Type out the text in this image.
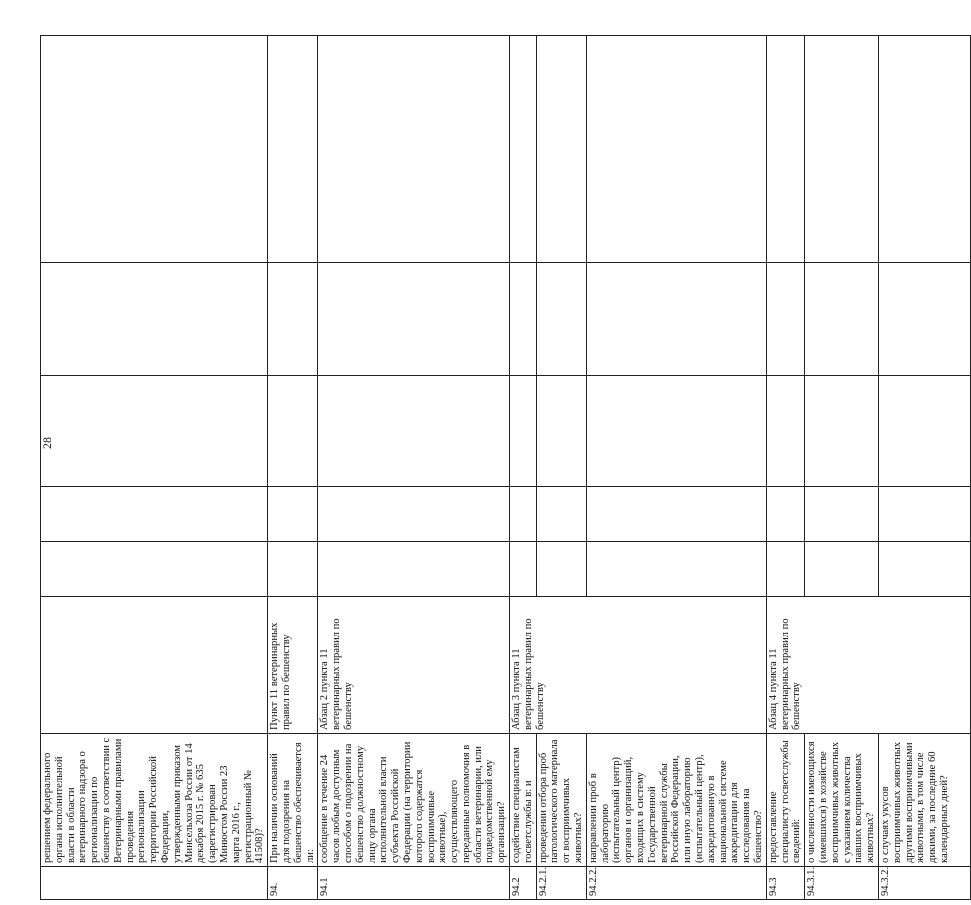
28
	решением федерального органа исполнительной власти в области ветеринарного надзора о регионализации по бешенству в соответствии с Ветеринарными правилами проведения регионализации территории Российской Федерации, утвержденными приказом Минсельхоза России от 14 декабря 2015 г. № 635 (зарегистрирован Минюстом России 23 марта 2016 г., регистрационный № 41508)?						
94.	При наличии оснований для подозрения на бешенство обеспечивается ли:	Пункт 11 ветеринарных правил по бешенству					
94.1	сообщение в течение 24 часов любым доступным способом о подозрении на бешенство должностному лицу органа исполнительной власти субъекта Российской Федерации (на территории которого содержатся восприимчивые животные), осуществляющего переданные полномочия в области ветеринарии, или подведомственной ему организации?	Абзац 2 пункта 11 ветеринарных правил по бешенству					
94.2	содействие специалистам госветслужбы в: и	Абзац 3 пункта 11 ветеринарных правил по бешенству					
94.2.1.	проведении отбора проб патологического материала от восприимчивых животных?						
94.2.2.	направлении проб в лабораторию (испытательный центр) органов и организаций, входящих в систему Государственной ветеринарной службы Российской Федерации, или иную лабораторию (испытательный центр), аккредитованную в национальной системе аккредитации для исследования на бешенство?						
94.3	предоставление специалисту госветслужбы сведений:	Абзац 4 пункта 11 ветеринарных правил по бешенству					
94.3.1.	о численности имеющихся (имевшихся) в хозяйстве восприимчивых животных с указанием количества павших восприимчивых животных?						
94.3.2.	о случаях укусов восприимчивых животных другими восприимчивыми животными, в том числе дикими, за последние 60 календарных дней?						
